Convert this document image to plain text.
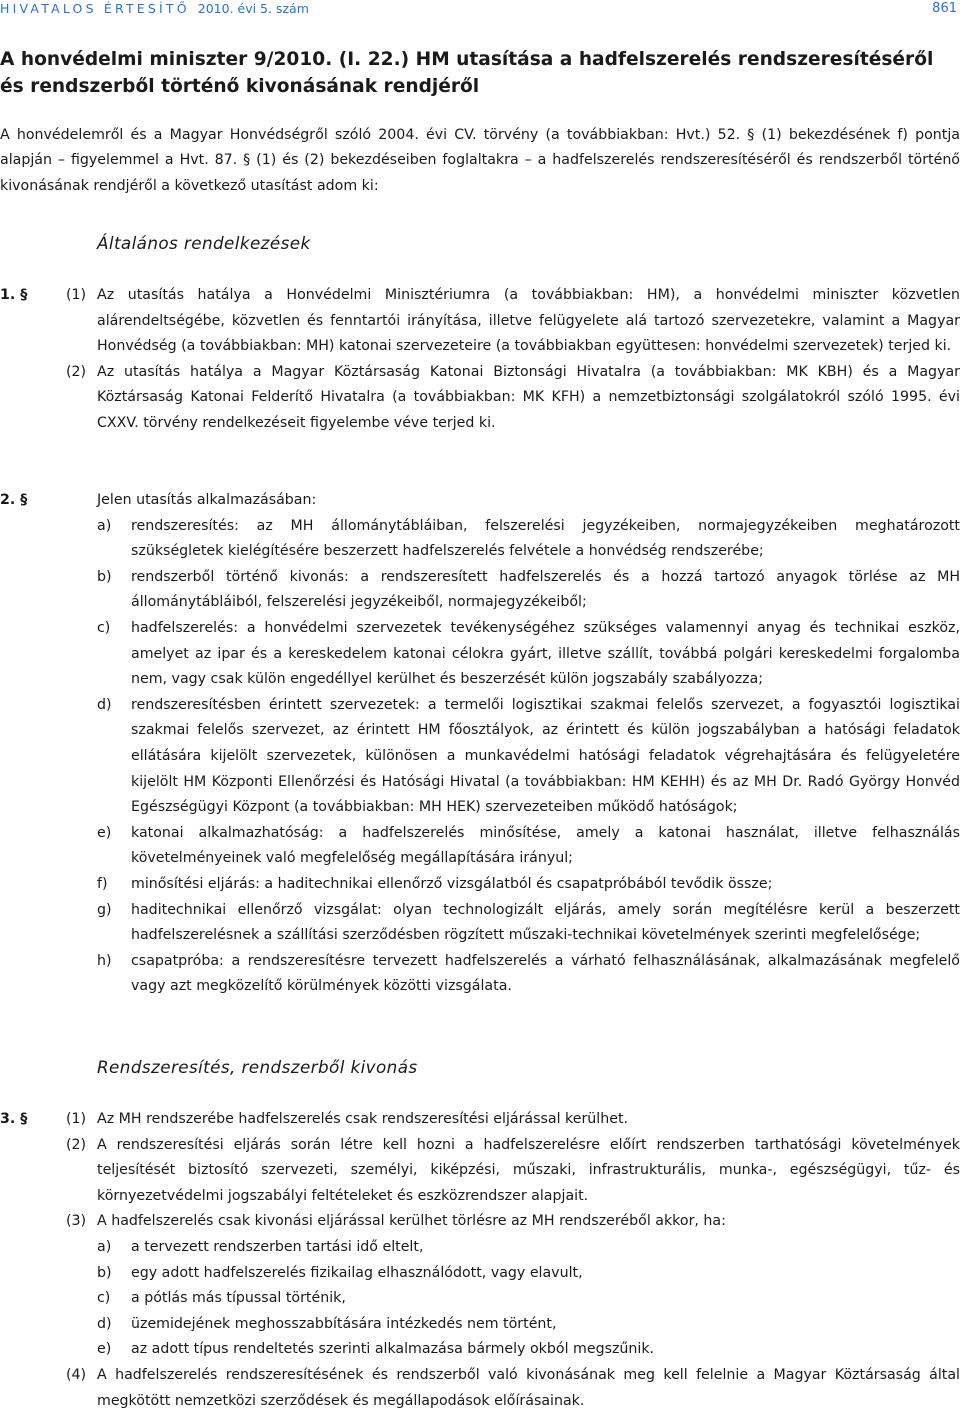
HIVATALOS ÉRTESÍTŐ 2010. évi 5. szám	861
A honvédelmi miniszter 9/2010. (I. 22.) HM utasítása a hadfelszerelés rendszeresítéséről
és rendszerből történő kivonásának rendjéről

A honvédelemről és a Magyar Honvédségről szóló 2004. évi CV. törvény (a továbbiakban: Hvt.) 52. § (1) bekezdésének f) pontja alapján – figyelemmel a Hvt. 87. § (1) és (2) bekezdéseiben foglaltakra – a hadfelszerelés rendszeresítéséről és rendszerből történő kivonásának rendjéről a következő utasítást adom ki:

Általános rendelkezések
1. §	(1) Az utasítás hatálya a Honvédelmi Minisztériumra (a továbbiakban: HM), a honvédelmi miniszter közvetlen alárendeltségébe, közvetlen és fenntartói irányítása, illetve felügyelete alá tartozó szervezetekre, valamint a Magyar Honvédség (a továbbiakban: MH) katonai szervezeteire (a továbbiakban együttesen: honvédelmi szervezetek) terjed ki.

(2) Az utasítás hatálya a Magyar Köztársaság Katonai Biztonsági Hivatalra (a továbbiakban: MK KBH) és a Magyar Köztársaság Katonai Felderítő Hivatalra (a továbbiakban: MK KFH) a nemzetbiztonsági szolgálatokról szóló 1995. évi CXXV. törvény rendelkezéseit figyelembe véve terjed ki.

2. §	Jelen utasítás alkalmazásában:

a) rendszeresítés: az MH állománytábláiban, felszerelési jegyzékeiben, normajegyzékeiben meghatározott szükségletek kielégítésére beszerzett hadfelszerelés felvétele a honvédség rendszerébe;

b) rendszerből történő kivonás: a rendszeresített hadfelszerelés és a hozzá tartozó anyagok törlése az MH állománytábláiból, felszerelési jegyzékeiből, normajegyzékeiből;

c) hadfelszerelés: a honvédelmi szervezetek tevékenységéhez szükséges valamennyi anyag és technikai eszköz, amelyet az ipar és a kereskedelem katonai célokra gyárt, illetve szállít, továbbá polgári kereskedelmi forgalomba nem, vagy csak külön engedéllyel kerülhet és beszerzését külön jogszabály szabályozza;

d) rendszeresítésben érintett szervezetek: a termelői logisztikai szakmai felelős szervezet, a fogyasztói logisztikai szakmai felelős szervezet, az érintett HM főosztályok, az érintett és külön jogszabályban a hatósági feladatok ellátására kijelölt szervezetek, különösen a munkavédelmi hatósági feladatok végrehajtására és felügyeletére kijelölt HM Központi Ellenőrzési és Hatósági Hivatal (a továbbiakban: HM KEHH) és az MH Dr. Radó György Honvéd Egészségügyi Központ (a továbbiakban: MH HEK) szervezeteiben működő hatóságok;

e) katonai alkalmazhatóság: a hadfelszerelés minősítése, amely a katonai használat, illetve felhasználás követelményeinek való megfelelőség megállapítására irányul;

f) minősítési eljárás: a haditechnikai ellenőrző vizsgálatból és csapatpróbából tevődik össze;

g) haditechnikai ellenőrző vizsgálat: olyan technologizált eljárás, amely során megítélésre kerül a beszerzett hadfelszerelésnek a szállítási szerződésben rögzített műszaki-technikai követelmények szerinti megfelelősége;

h) csapatpróba: a rendszeresítésre tervezett hadfelszerelés a várható felhasználásának, alkalmazásának megfelelő vagy azt megközelítő körülmények közötti vizsgálata.

Rendszeresítés, rendszerből kivonás
3. §	(1) Az MH rendszerébe hadfelszerelés csak rendszeresítési eljárással kerülhet.

(2) A rendszeresítési eljárás során létre kell hozni a hadfelszerelésre előírt rendszerben tarthatósági követelmények teljesítését biztosító szervezeti, személyi, kiképzési, műszaki, infrastrukturális, munka-, egészségügyi, tűz- és környezetvédelmi jogszabályi feltételeket és eszközrendszer alapjait.

(3) A hadfelszerelés csak kivonási eljárással kerülhet törlésre az MH rendszeréből akkor, ha:

a) a tervezett rendszerben tartási idő eltelt,

b) egy adott hadfelszerelés fizikailag elhasználódott, vagy elavult,

c) a pótlás más típussal történik,

d) üzemidejének meghosszabbítására intézkedés nem történt,

e) az adott típus rendeltetés szerinti alkalmazása bármely okból megszűnik.

(4) A hadfelszerelés rendszeresítésének és rendszerből való kivonásának meg kell felelnie a Magyar Köztársaság által megkötött nemzetközi szerződések és megállapodások előírásainak.
